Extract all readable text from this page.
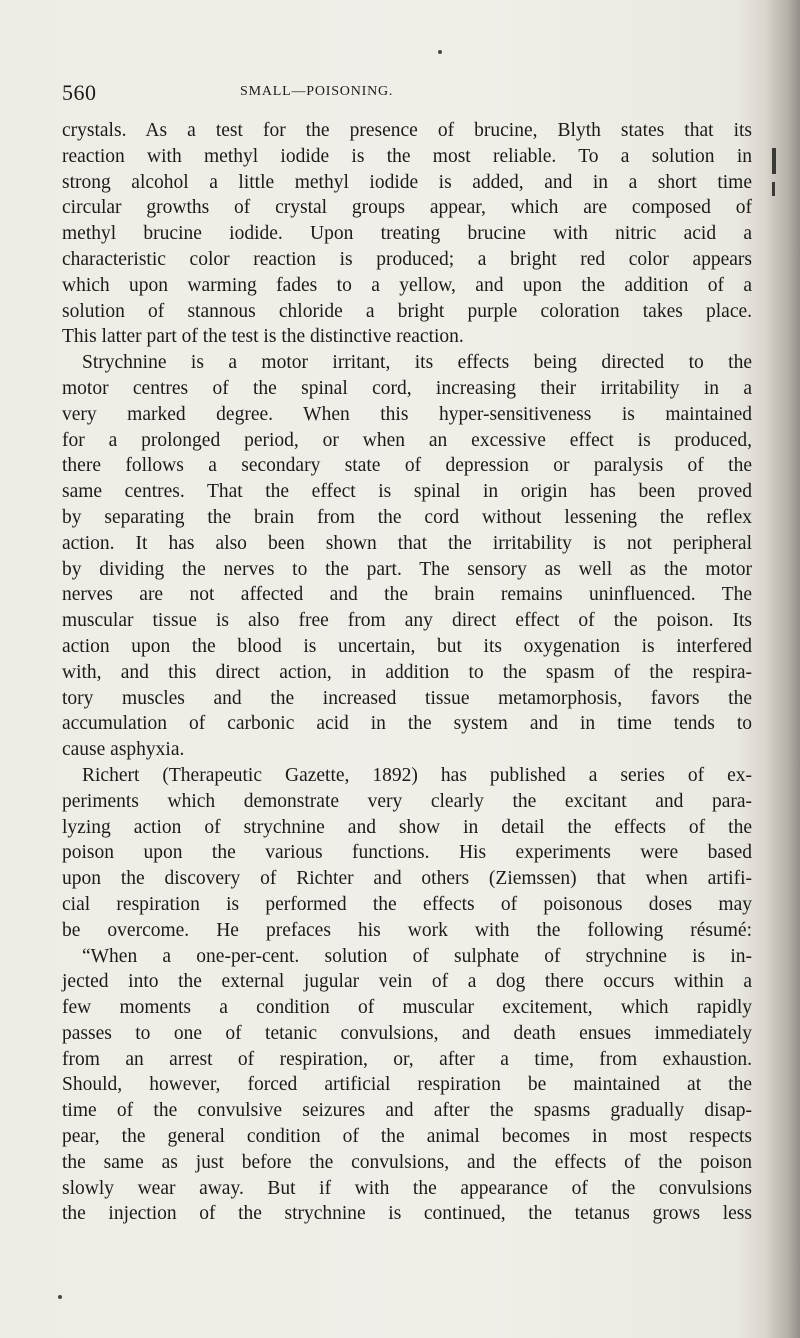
560	SMALL—POISONING.
crystals. As a test for the presence of brucine, Blyth states that its
reaction with methyl iodide is the most reliable. To a solution in
strong alcohol a little methyl iodide is added, and in a short time
circular growths of crystal groups appear, which are composed of
methyl brucine iodide. Upon treating brucine with nitric acid a
characteristic color reaction is produced; a bright red color appears
which upon warming fades to a yellow, and upon the addition of a
solution of stannous chloride a bright purple coloration takes place.
This latter part of the test is the distinctive reaction.
Strychnine is a motor irritant, its effects being directed to the
motor centres of the spinal cord, increasing their irritability in a
very marked degree. When this hyper-sensitiveness is maintained
for a prolonged period, or when an excessive effect is produced,
there follows a secondary state of depression or paralysis of the
same centres. That the effect is spinal in origin has been proved
by separating the brain from the cord without lessening the reflex
action. It has also been shown that the irritability is not peripheral
by dividing the nerves to the part. The sensory as well as the motor
nerves are not affected and the brain remains uninfluenced. The
muscular tissue is also free from any direct effect of the poison. Its
action upon the blood is uncertain, but its oxygenation is interfered
with, and this direct action, in addition to the spasm of the respira-
tory muscles and the increased tissue metamorphosis, favors the
accumulation of carbonic acid in the system and in time tends to
cause asphyxia.
Richert (Therapeutic Gazette, 1892) has published a series of ex-
periments which demonstrate very clearly the excitant and para-
lyzing action of strychnine and show in detail the effects of the
poison upon the various functions. His experiments were based
upon the discovery of Richter and others (Ziemssen) that when artifi-
cial respiration is performed the effects of poisonous doses may
be overcome. He prefaces his work with the following résumé:
“When a one-per-cent. solution of sulphate of strychnine is in-
jected into the external jugular vein of a dog there occurs within a
few moments a condition of muscular excitement, which rapidly
passes to one of tetanic convulsions, and death ensues immediately
from an arrest of respiration, or, after a time, from exhaustion.
Should, however, forced artificial respiration be maintained at the
time of the convulsive seizures and after the spasms gradually disap-
pear, the general condition of the animal becomes in most respects
the same as just before the convulsions, and the effects of the poison
slowly wear away. But if with the appearance of the convulsions
the injection of the strychnine is continued, the tetanus grows less
